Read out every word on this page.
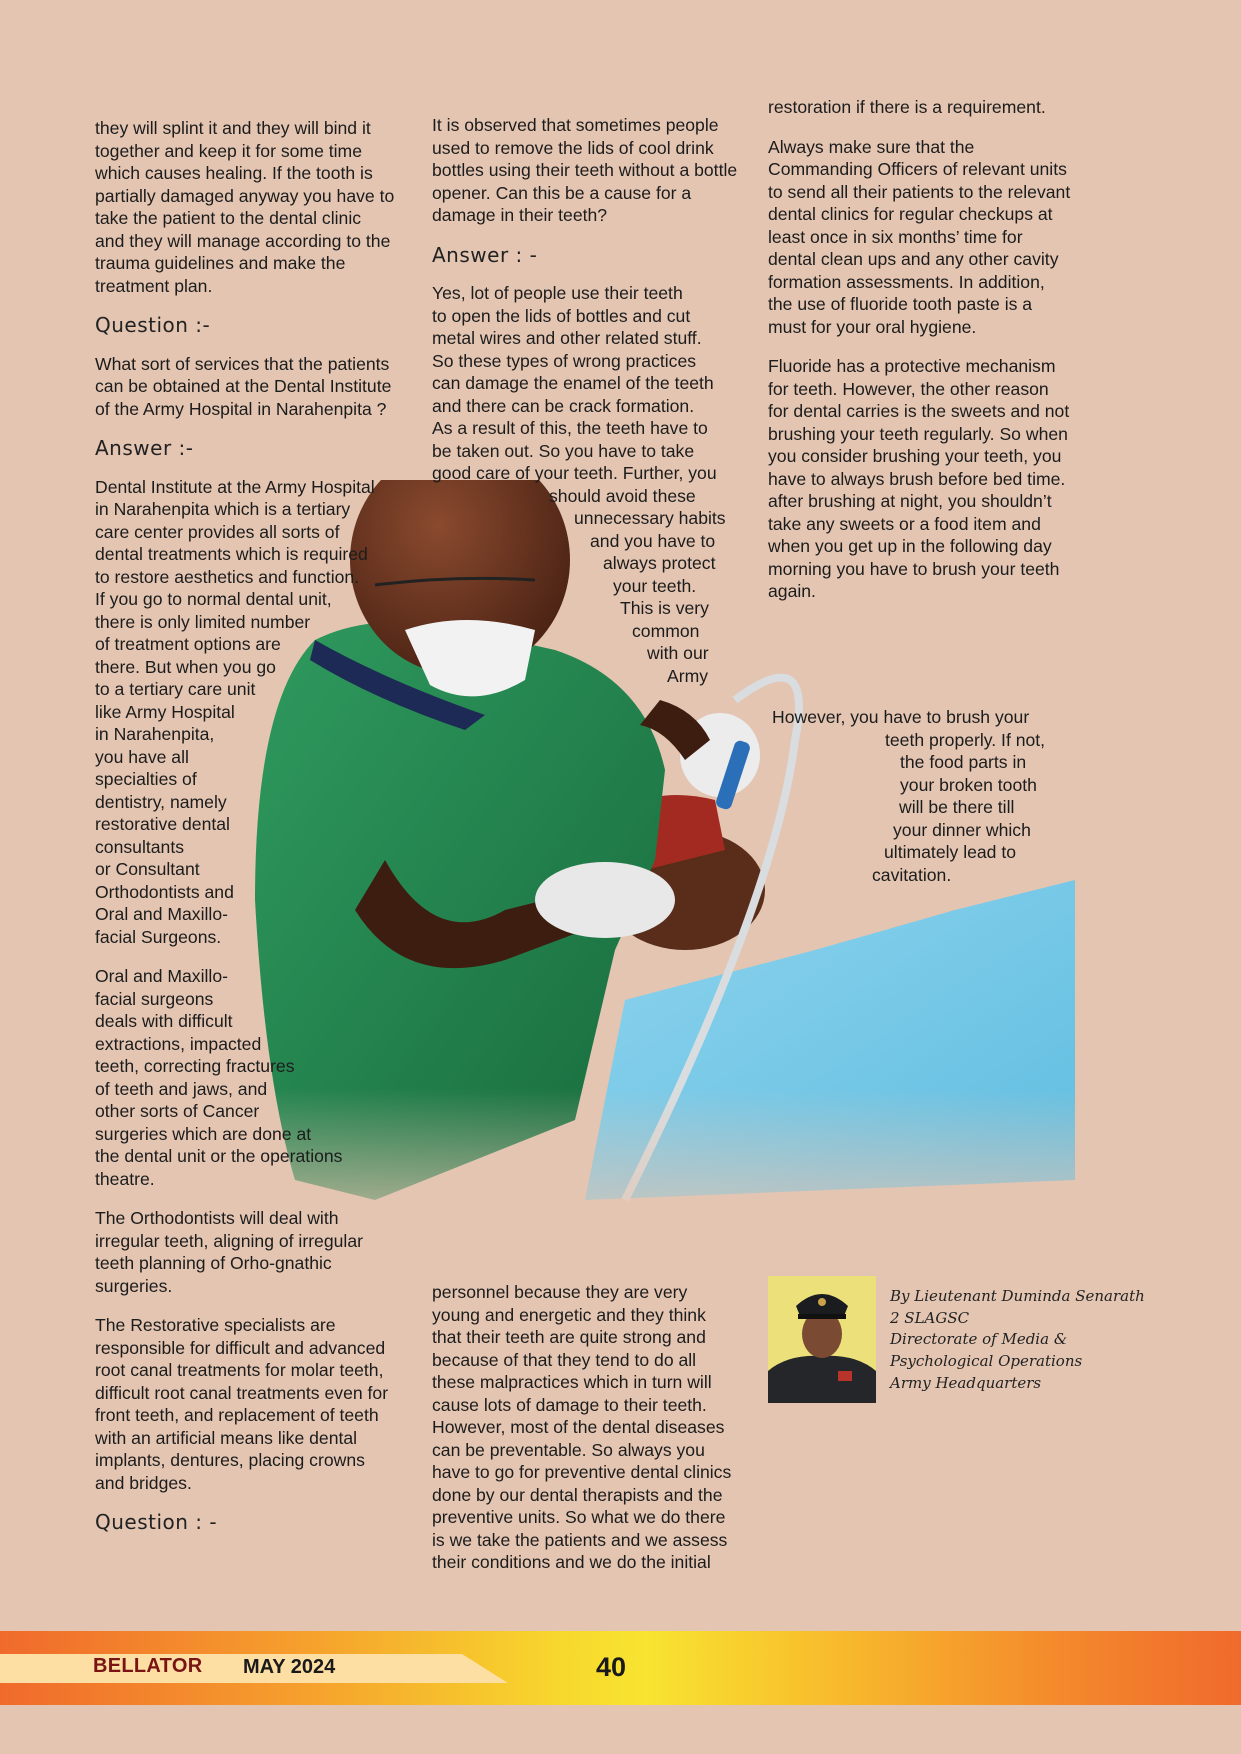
they will splint it and they will bind it together and keep it for some time which causes healing. If the tooth is partially damaged anyway you have to take the patient to the dental clinic and they will manage according to the trauma guidelines and make the treatment plan.

Question :-

What sort of services that the patients can be obtained at the Dental Institute of the Army Hospital in Narahenpita ?

Answer :-

Dental Institute at the Army Hospital
in Narahenpita which is a tertiary
care center provides all sorts of
dental treatments which is required
to restore aesthetics and function.
If you go to normal dental unit,
there is only limited number
of treatment options are
there. But when you go
to a tertiary care unit
like Army Hospital
in Narahenpita,
you have all
specialties of
dentistry, namely
restorative dental
consultants
or Consultant
Orthodontists and
Oral and Maxillo-
facial Surgeons.

Oral and Maxillo-
facial surgeons
deals with difficult
extractions, impacted
teeth, correcting fractures
of teeth and jaws, and
other sorts of Cancer
surgeries which are done at
the dental unit or the operations
theatre.

The Orthodontists will deal with irregular teeth, aligning of irregular teeth planning of Orho-gnathic surgeries.

The Restorative specialists are responsible for difficult and advanced root canal treatments for molar teeth, difficult root canal treatments even for front teeth, and replacement of teeth with an artificial means like dental implants, dentures, placing crowns and bridges.

Question : -

It is observed that sometimes people used to remove the lids of cool drink bottles using their teeth without a bottle opener. Can this be a cause for a damage in their teeth?

Answer : -

Yes, lot of people use their teeth
to open the lids of bottles and cut
metal wires and other related stuff.
So these types of wrong practices
can damage the enamel of the teeth
and there can be crack formation.
As a result of this, the teeth have to
be taken out. So you have to take
good care of your teeth. Further, you
should avoid these
unnecessary habits
and you have to
always protect
your teeth.
This is very
common
with our
Army

personnel because they are very young and energetic and they think that their teeth are quite strong and because of that they tend to do all these malpractices which in turn will cause lots of damage to their teeth. However, most of the dental diseases can be preventable. So always you have to go for preventive dental clinics done by our dental therapists and the preventive units. So what we do there is we take the patients and we assess their conditions and we do the initial

restoration if there is a requirement.

Always make sure that the Commanding Officers of relevant units to send all their patients to the relevant dental clinics for regular checkups at least once in six months’ time for dental clean ups and any other cavity formation assessments. In addition, the use of fluoride tooth paste is a must for your oral hygiene.

Fluoride has a protective mechanism for teeth. However, the other reason for dental carries is the sweets and not brushing your teeth regularly. So when you consider brushing your teeth, you have to always brush before bed time. after brushing at night, you shouldn’t take any sweets or a food item and when you get up in the following day morning you have to brush your teeth again.

However, you have to brush your
teeth properly. If not,
the food parts in
your broken tooth
will be there till
your dinner which
ultimately lead to
cavitation.

By Lieutenant Duminda Senarath
2 SLAGSC
Directorate of Media &
Psychological Operations
Army Headquarters
BELLATOR MAY 2024	40
